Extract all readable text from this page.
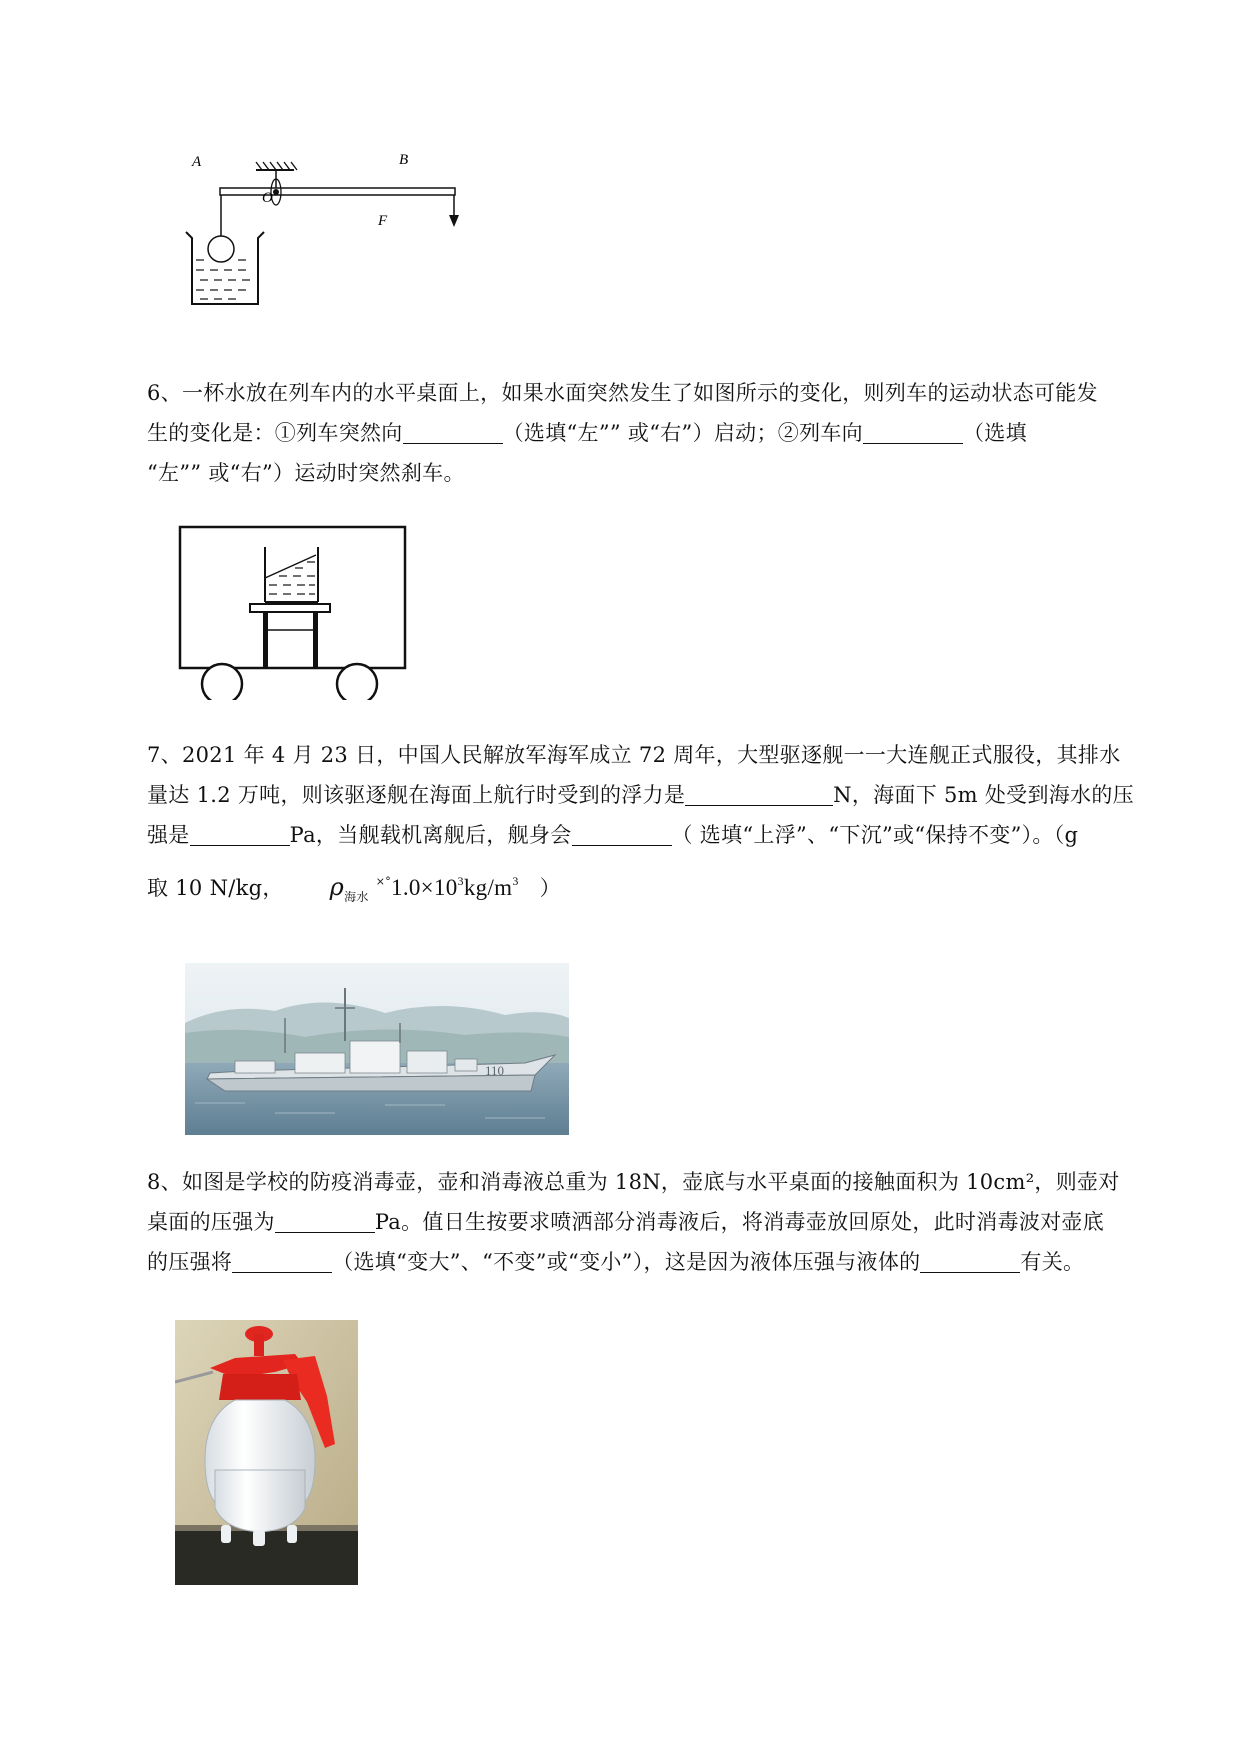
A	B
O
F
6、一杯水放在列车内的水平桌面上，如果水面突然发生了如图所示的变化，则列车的运动状态可能发
生的变化是：①列车突然向	（选填“左”” 或“右”）启动；②列车向	（选填
“左”” 或“右”）运动时突然刹车。
7、2021 年 4 月 23 日，中国人民解放军海军成立 72 周年，大型驱逐舰一一大连舰正式服役，其排水
量达 1.2 万吨，则该驱逐舰在海面上航行时受到的浮力是	N，海面下 5m 处受到海水的压
强是	Pa，当舰载机离舰后，舰身会	（ 选填“上浮”、“下沉”或“保持不变”）。（g
取 10 N/kg， $\rho_{海水}$ $^{\times^\circ}1.0\times 10^3kg/m^3$ ）
110
8、如图是学校的防疫消毒壶，壶和消毒液总重为 18N，壶底与水平桌面的接触面积为 10cm²，则壶对
桌面的压强为	Pa。值日生按要求喷洒部分消毒液后，将消毒壶放回原处，此时消毒波对壶底
的压强将	（选填“变大”、“不变”或“变小”），这是因为液体压强与液体的	有关。
